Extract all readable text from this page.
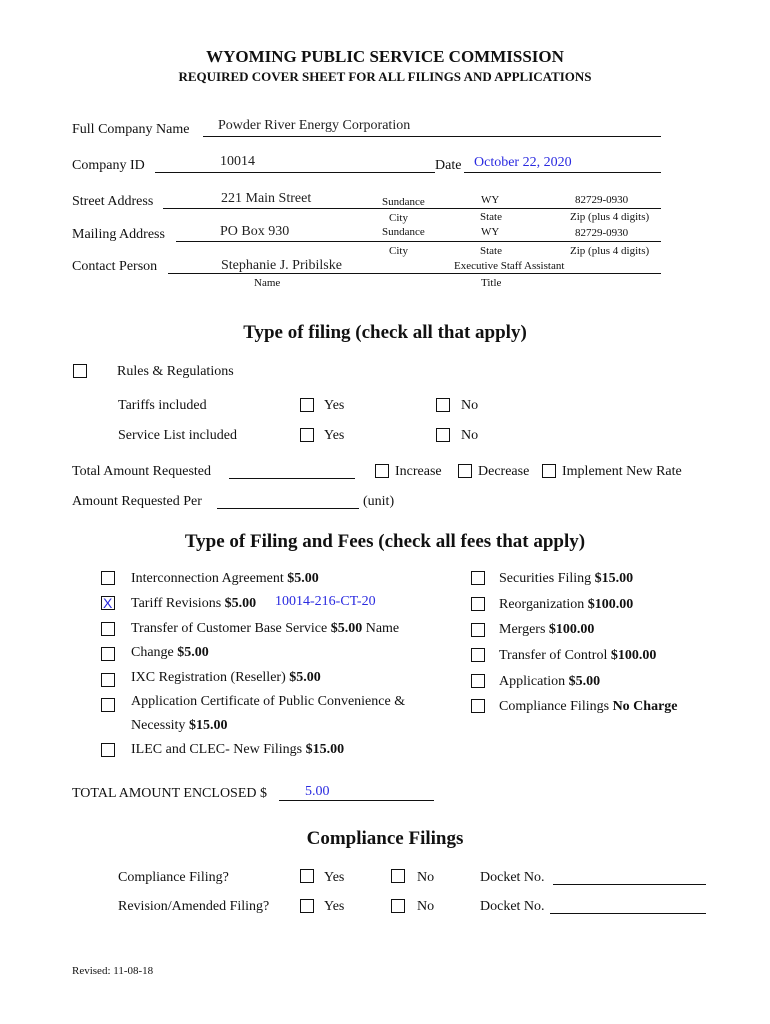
WYOMING PUBLIC SERVICE COMMISSION
REQUIRED COVER SHEET FOR ALL FILINGS AND APPLICATIONS
Full Company Name Powder River Energy Corporation
Company ID	10014	Date October 22, 2020
Street Address	221 Main Street	Sundance	WY	82729-0930
City	State	Zip (plus 4 digits)
Mailing Address	PO Box 930	Sundance	WY	82729-0930
City	State	Zip (plus 4 digits)
Contact Person	Stephanie J. Pribilske	Executive Staff Assistant
Name	Title
Type of filing (check all that apply)
Rules & Regulations
Tariffs included	Yes	No
Service List included	Yes	No
Total Amount Requested	Increase	Decrease Implement New Rate
Amount Requested Per	(unit)
Type of Filing and Fees (check all fees that apply)
Interconnection Agreement $5.00
X Tariff Revisions $5.00 10014-216-CT-20
Transfer of Customer Base Service $5.00 Name
Change $5.00
IXC Registration (Reseller) $5.00
Application Certificate of Public Convenience &
Necessity $15.00
ILEC and CLEC- New Filings $15.00
Securities Filing $15.00
Reorganization $100.00
Mergers $100.00
Transfer of Control $100.00
Application $5.00
Compliance Filings No Charge
TOTAL AMOUNT ENCLOSED $	5.00
Compliance Filings
Compliance Filing?	Yes	No	Docket No.
Revision/Amended Filing?	Yes	No	Docket No.
Revised: 11-08-18
